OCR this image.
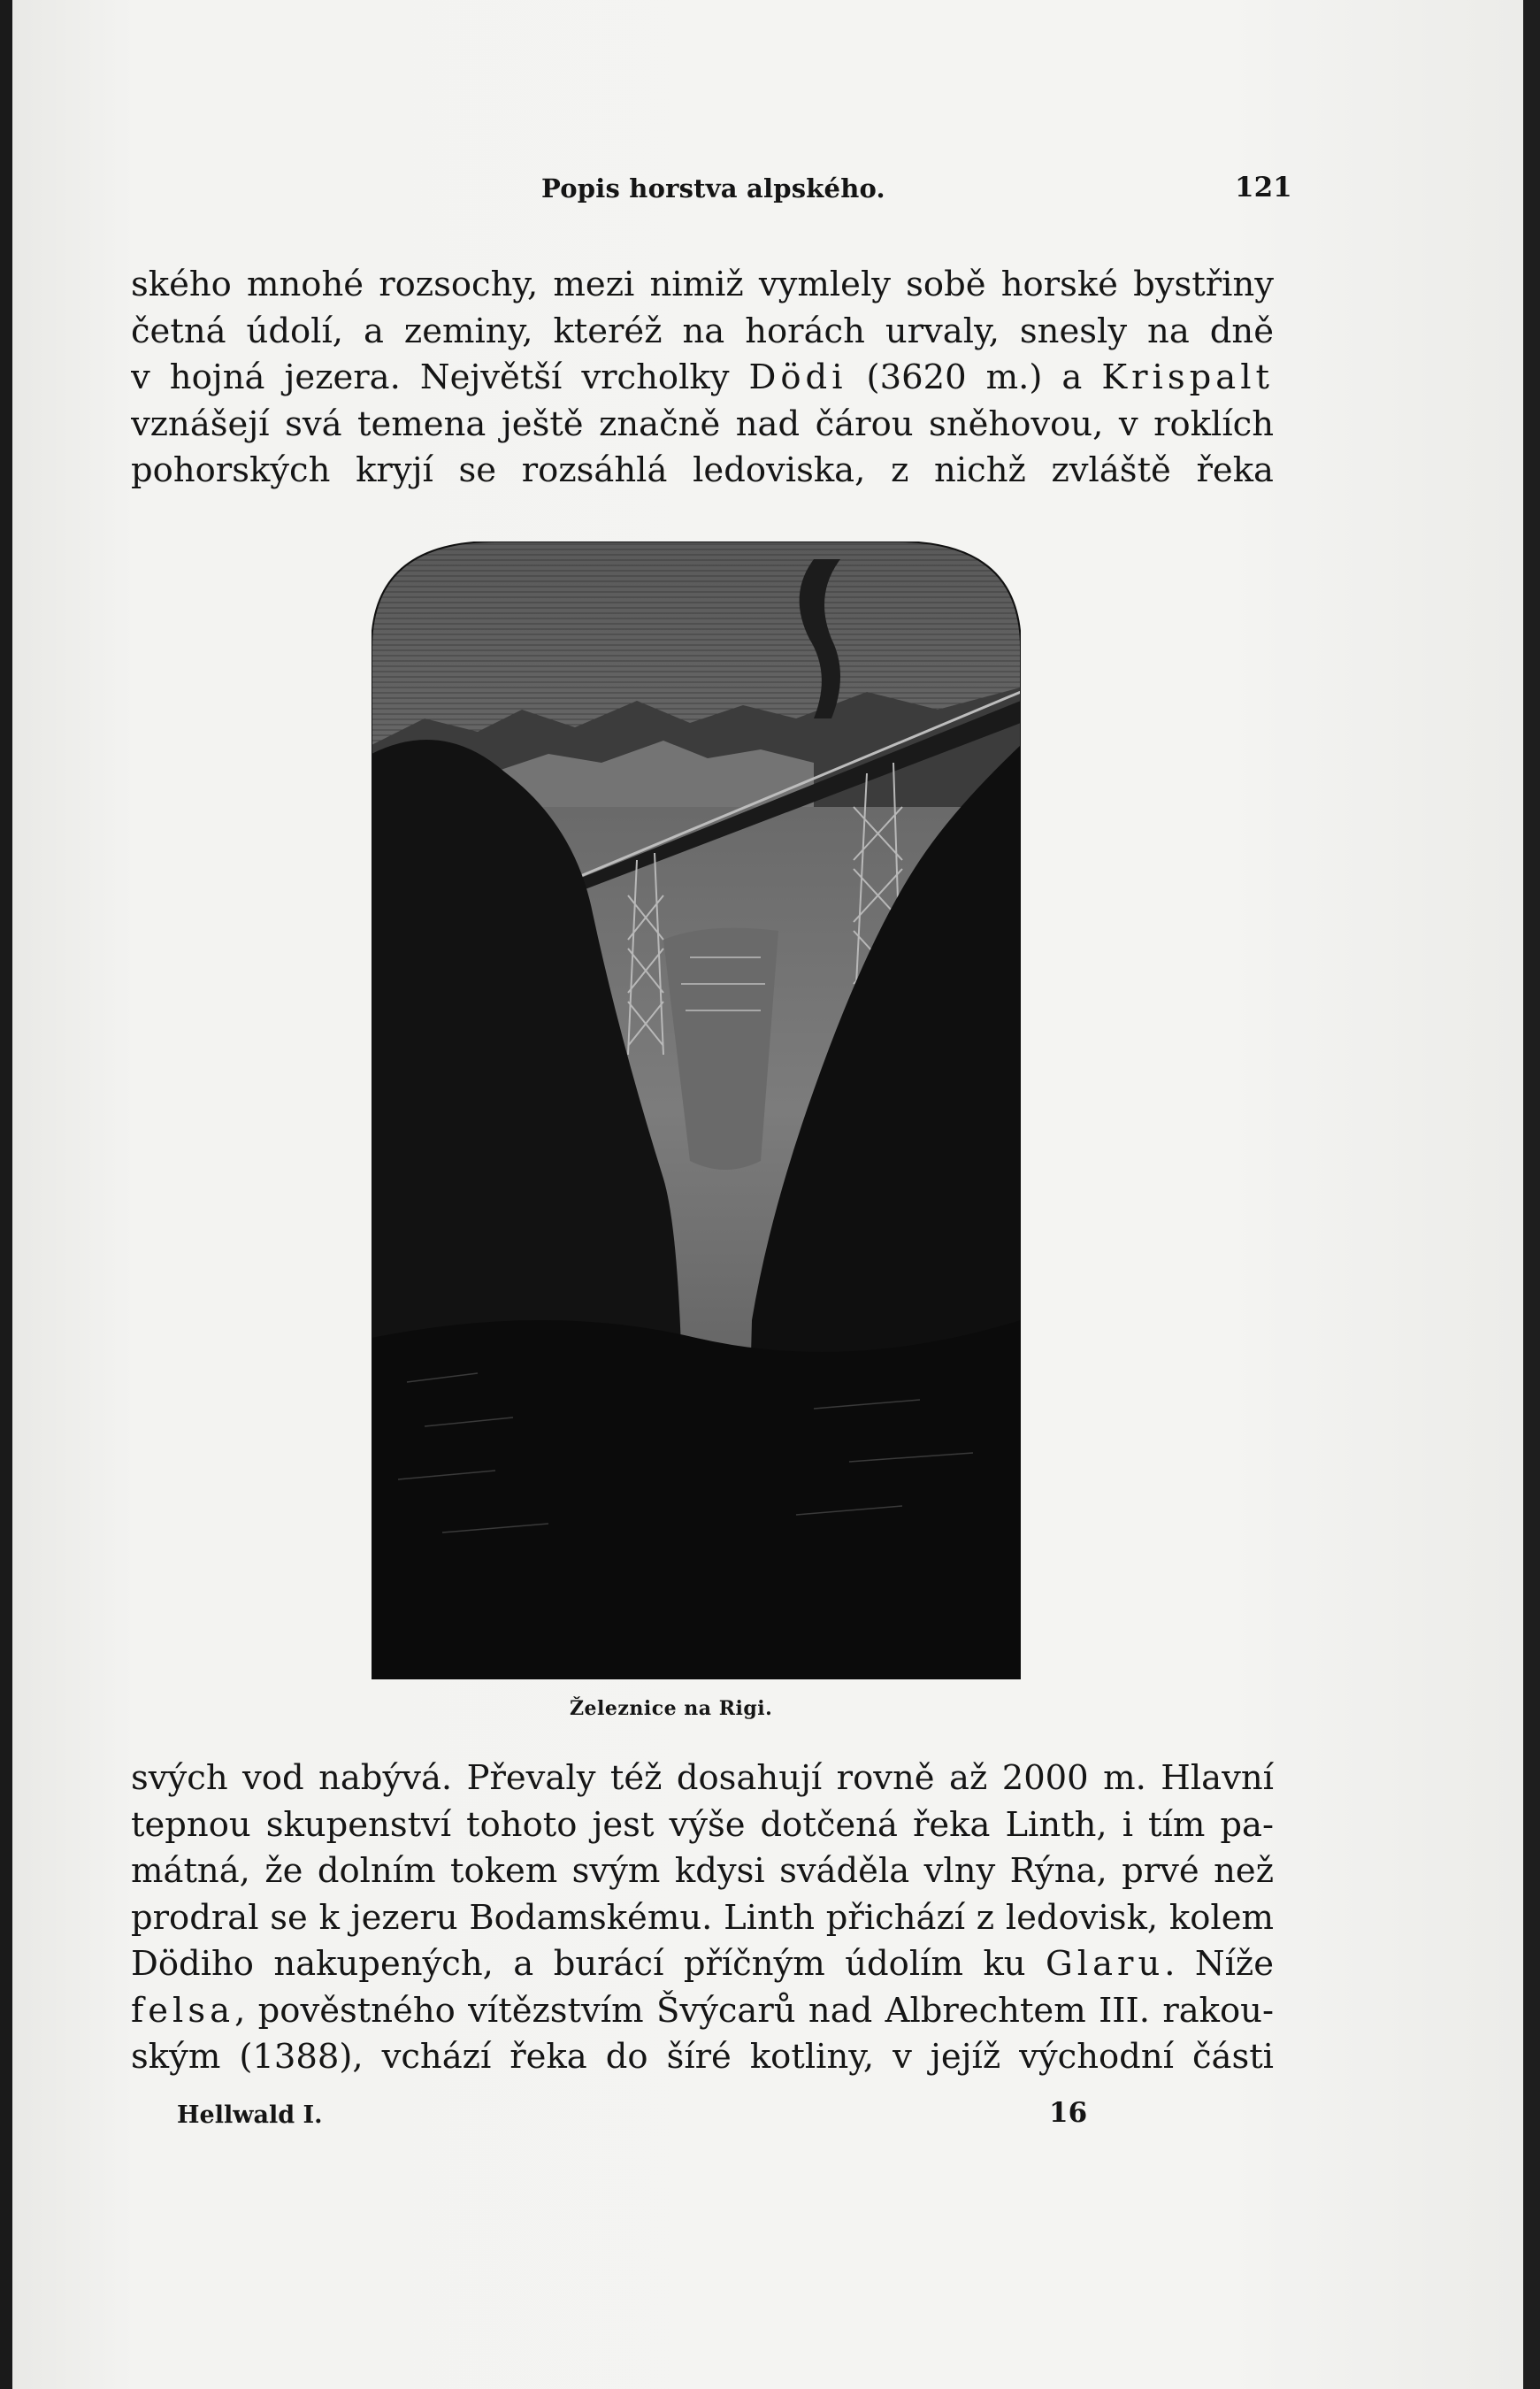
Popis horstva alpského.	121
ského mnohé rozsochy, mezi nimiž vymlely sobě horské bystřiny
četná údolí, a zeminy, kteréž na horách urvaly, snesly na dně
v hojná jezera. Největší vrcholky Dödi (3620 m.) a Krispalt
vznášejí svá temena ještě značně nad čárou sněhovou, v roklích
pohorských kryjí se rozsáhlá ledoviska, z nichž zvláště řeka
Železnice na Rigi.
svých vod nabývá. Převaly též dosahují rovně až 2000 m. Hlavní
tepnou skupenství tohoto jest výše dotčená řeka Linth, i tím pa-
mátná, že dolním tokem svým kdysi sváděla vlny Rýna, prvé než
prodral se k jezeru Bodamskému. Linth přichází z ledovisk, kolem
Dödiho nakupených, a burácí příčným údolím ku Glaru. Níže
felsa, pověstného vítězstvím Švýcarů nad Albrechtem III. rakou-
ským (1388), vchází řeka do šíré kotliny, v jejíž východní části
Hellwald I.	16
